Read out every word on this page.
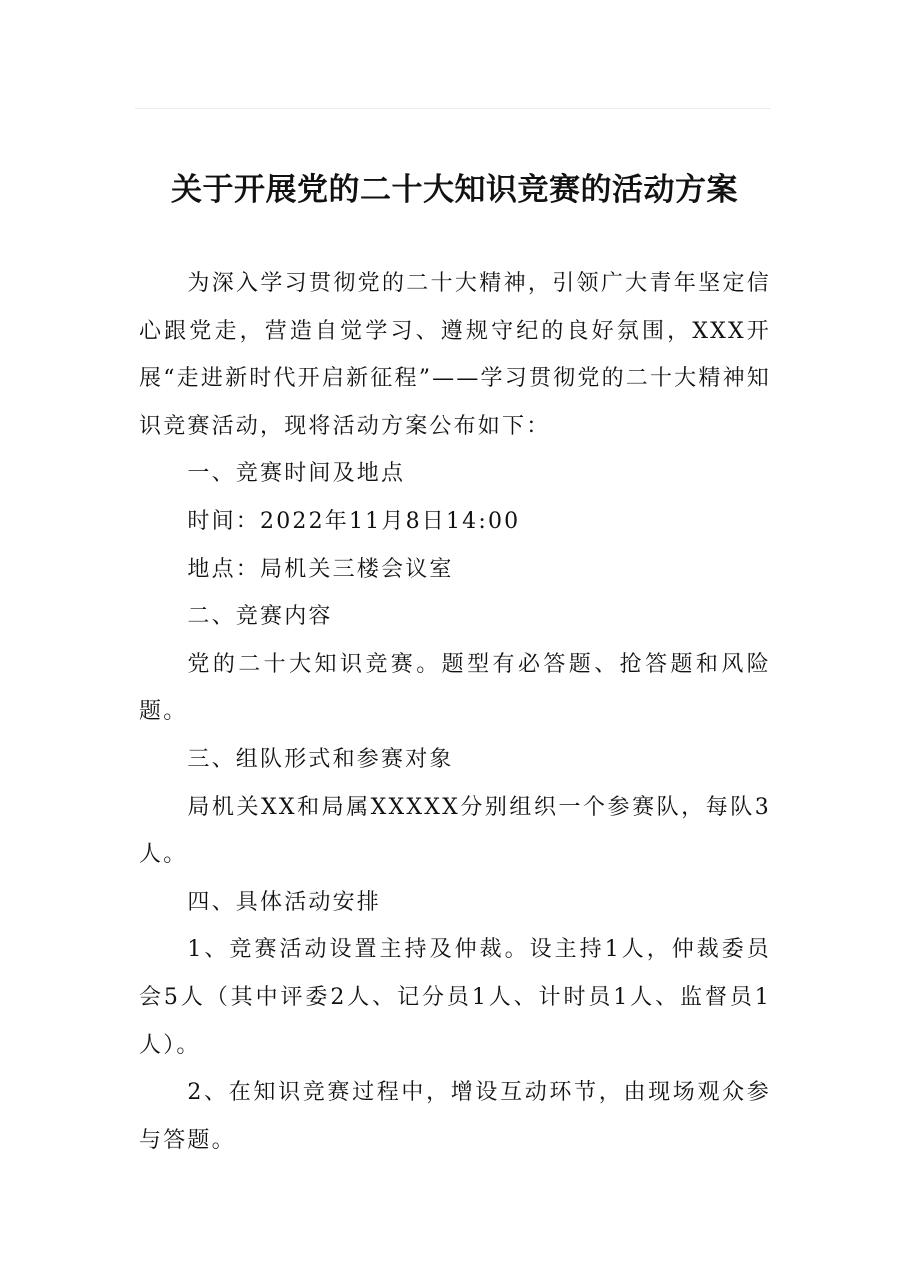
关于开展党的二十大知识竞赛的活动方案

为深入学习贯彻党的二十大精神，引领广大青年坚定信心跟党走，营造自觉学习、遵规守纪的良好氛围，XXX开展“走进新时代开启新征程”——学习贯彻党的二十大精神知识竞赛活动，现将活动方案公布如下：

一、竞赛时间及地点

时间：2022年11月8日14:00

地点：局机关三楼会议室

二、竞赛内容

党的二十大知识竞赛。题型有必答题、抢答题和风险题。

三、组队形式和参赛对象

局机关XX和局属XXXXX分别组织一个参赛队，每队3人。

四、具体活动安排

1、竞赛活动设置主持及仲裁。设主持1人，仲裁委员会5人（其中评委2人、记分员1人、计时员1人、监督员1人）。

2、在知识竞赛过程中，增设互动环节，由现场观众参与答题。
